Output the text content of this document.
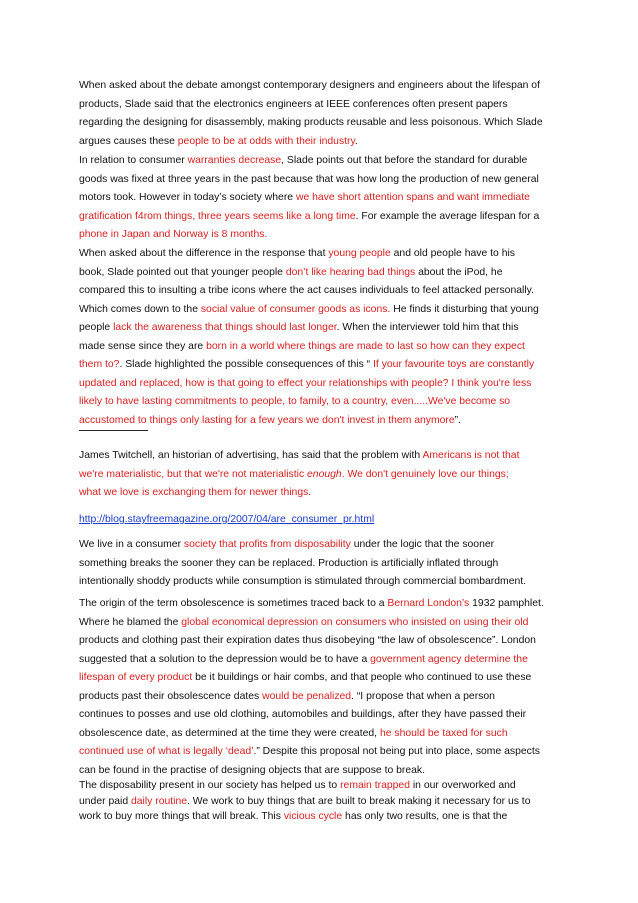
When asked about the debate amongst contemporary designers and engineers about the lifespan of
products, Slade said that the electronics engineers at IEEE conferences often present papers
regarding the designing for disassembly, making products reusable and less poisonous. Which Slade
argues causes these people to be at odds with their industry.
In relation to consumer warranties decrease, Slade points out that before the standard for durable
goods was fixed at three years in the past because that was how long the production of new general
motors took. However in today’s society where we have short attention spans and want immediate
gratification f4rom things, three years seems like a long time. For example the average lifespan for a
phone in Japan and Norway is 8 months.
When asked about the difference in the response that young people and old people have to his
book, Slade pointed out that younger people don’t like hearing bad things about the iPod, he
compared this to insulting a tribe icons where the act causes individuals to feel attacked personally.
Which comes down to the social value of consumer goods as icons. He finds it disturbing that young
people lack the awareness that things should last longer. When the interviewer told him that this
made sense since they are born in a world where things are made to last so how can they expect
them to?. Slade highlighted the possible consequences of this “ If your favourite toys are constantly
updated and replaced, how is that going to effect your relationships with people? I think you're less
likely to have lasting commitments to people, to family, to a country, even.....We've become so
accustomed to things only lasting for a few years we don't invest in them anymore”.
James Twitchell, an historian of advertising, has said that the problem with Americans is not that
we're materialistic, but that we're not materialistic enough. We don't genuinely love our things;
what we love is exchanging them for newer things.
http://blog.stayfreemagazine.org/2007/04/are_consumer_pr.html
We live in a consumer society that profits from disposability under the logic that the sooner
something breaks the sooner they can be replaced. Production is artificially inflated through
intentionally shoddy products while consumption is stimulated through commercial bombardment.
The origin of the term obsolescence is sometimes traced back to a Bernard London’s 1932 pamphlet.
Where he blamed the global economical depression on consumers who insisted on using their old
products and clothing past their expiration dates thus disobeying “the law of obsolescence”. London
suggested that a solution to the depression would be to have a government agency determine the
lifespan of every product be it buildings or hair combs, and that people who continued to use these
products past their obsolescence dates would be penalized. “I propose that when a person
continues to posses and use old clothing, automobiles and buildings, after they have passed their
obsolescence date, as determined at the time they were created, he should be taxed for such
continued use of what is legally ‘dead’.” Despite this proposal not being put into place, some aspects
can be found in the practise of designing objects that are suppose to break.
The disposability present in our society has helped us to remain trapped in our overworked and
under paid daily routine. We work to buy things that are built to break making it necessary for us to
work to buy more things that will break. This vicious cycle has only two results, one is that the
